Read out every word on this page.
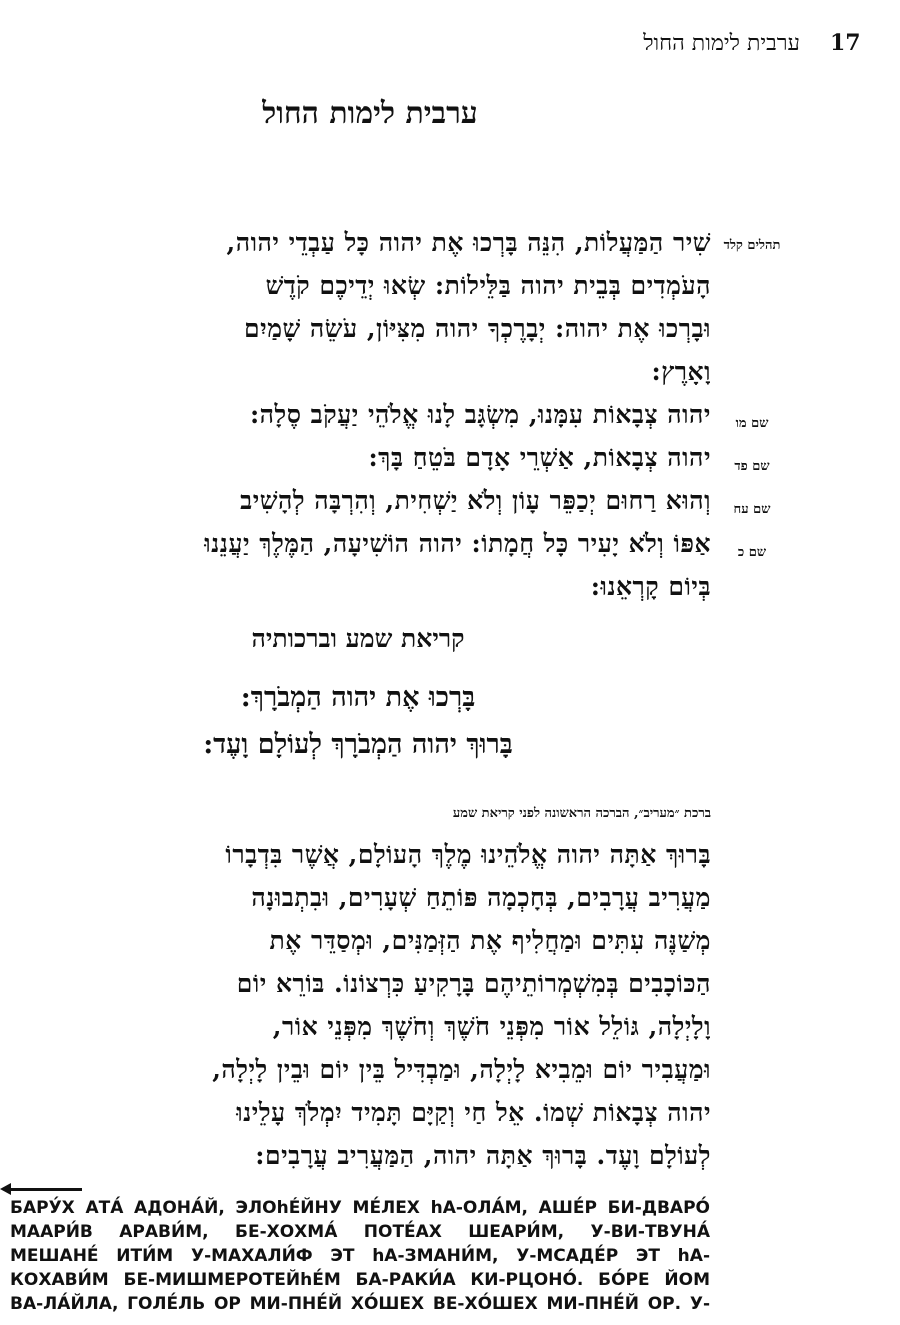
17
ערבית לימות החול
ערבית לימות החול
תהלים קלד
שם מו
שם פד
שם עח
שם כ
שִׁיר הַמַּעֲלוֹת, הִנֵּה בָּרְכוּ אֶת יהוה כָּל עַבְדֵי יהוה,
הָעֹמְדִים בְּבֵית יהוה בַּלֵּילוֹת: שְׂאוּ יְדֵיכֶם קֹדֶשׁ
וּבָרְכוּ אֶת יהוה: יְבָרֶכְךָ יהוה מִצִּיּוֹן, עֹשֵׂה שָׁמַיִם
וָאָרֶץ:
יהוה צְבָאוֹת עִמָּנוּ, מִשְׂגָּב לָנוּ אֱלֹהֵי יַעֲקֹב סֶלָה:
יהוה צְבָאוֹת, אַשְׁרֵי אָדָם בֹּטֵחַ בָּךְ:
וְהוּא רַחוּם יְכַפֵּר עָוֹן וְלֹא יַשְׁחִית, וְהִרְבָּה לְהָשִׁיב
אַפּוֹ וְלֹא יָעִיר כָּל חֲמָתוֹ: יהוה הוֹשִׁיעָה, הַמֶּלֶךְ יַעֲנֵנוּ
בְּיוֹם קָרְאֵנוּ:
קריאת שמע וברכותיה
בָּרְכוּ אֶת יהוה הַמְבֹרָךְ:
בָּרוּךְ יהוה הַמְבֹרָךְ לְעוֹלָם וָעֶד:
ברכת ״מעריב״, הברכה הראשונה לפני קריאת שמע
בָּרוּךְ אַתָּה יהוה אֱלֹהֵינוּ מֶלֶךְ הָעוֹלָם, אֲשֶׁר בִּדְבָרוֹ
מַעֲרִיב עֲרָבִים, בְּחָכְמָה פּוֹתֵחַ שְׁעָרִים, וּבִתְבוּנָה
מְשַׁנֶּה עִתִּים וּמַחֲלִיף אֶת הַזְּמַנִּים, וּמְסַדֵּר אֶת
הַכּוֹכָבִים בְּמִשְׁמְרוֹתֵיהֶם בָּרָקִיעַ כִּרְצוֹנוֹ. בּוֹרֵא יוֹם
וָלָיְלָה, גּוֹלֵל אוֹר מִפְּנֵי חֹשֶׁךְ וְחֹשֶׁךְ מִפְּנֵי אוֹר,
וּמַעֲבִיר יוֹם וּמֵבִיא לָיְלָה, וּמַבְדִּיל בֵּין יוֹם וּבֵין לָיְלָה,
יהוה צְבָאוֹת שְׁמוֹ. אֵל חַי וְקַיָּם תָּמִיד יִמְלֹךְ עָלֵינוּ
לְעוֹלָם וָעֶד. בָּרוּךְ אַתָּה יהוה, הַמַּעֲרִיב עֲרָבִים:
БАРУ́Х АТА́ АДОНА́Й, ЭЛОhÉЙНУ МЕ́ЛЕХ hА-ОЛА́М, АШЕ́Р БИ-ДВАРО́
МААРИ́В АРАВИ́М, БЕ-ХОХМА́ ПОТЕ́АХ ШЕАРИ́М, У-ВИ-ТВУНА́
МЕШАНЕ́ ИТИ́М У-МАХАЛИ́Ф ЭТ hА-ЗМАНИ́М, У-МСАДЕ́Р ЭТ hА-
КОХАВИ́М БЕ-МИШМЕРОТЕЙhЕ́М БА-РАКИ́А КИ-РЦОНО́. БО́РЕ ЙОМ
ВА-ЛА́ЙЛА, ГОЛЕ́ЛЬ ОР МИ-ПНЕ́Й ХО́ШЕХ ВЕ-ХО́ШЕХ МИ-ПНЕ́Й ОР. У-
